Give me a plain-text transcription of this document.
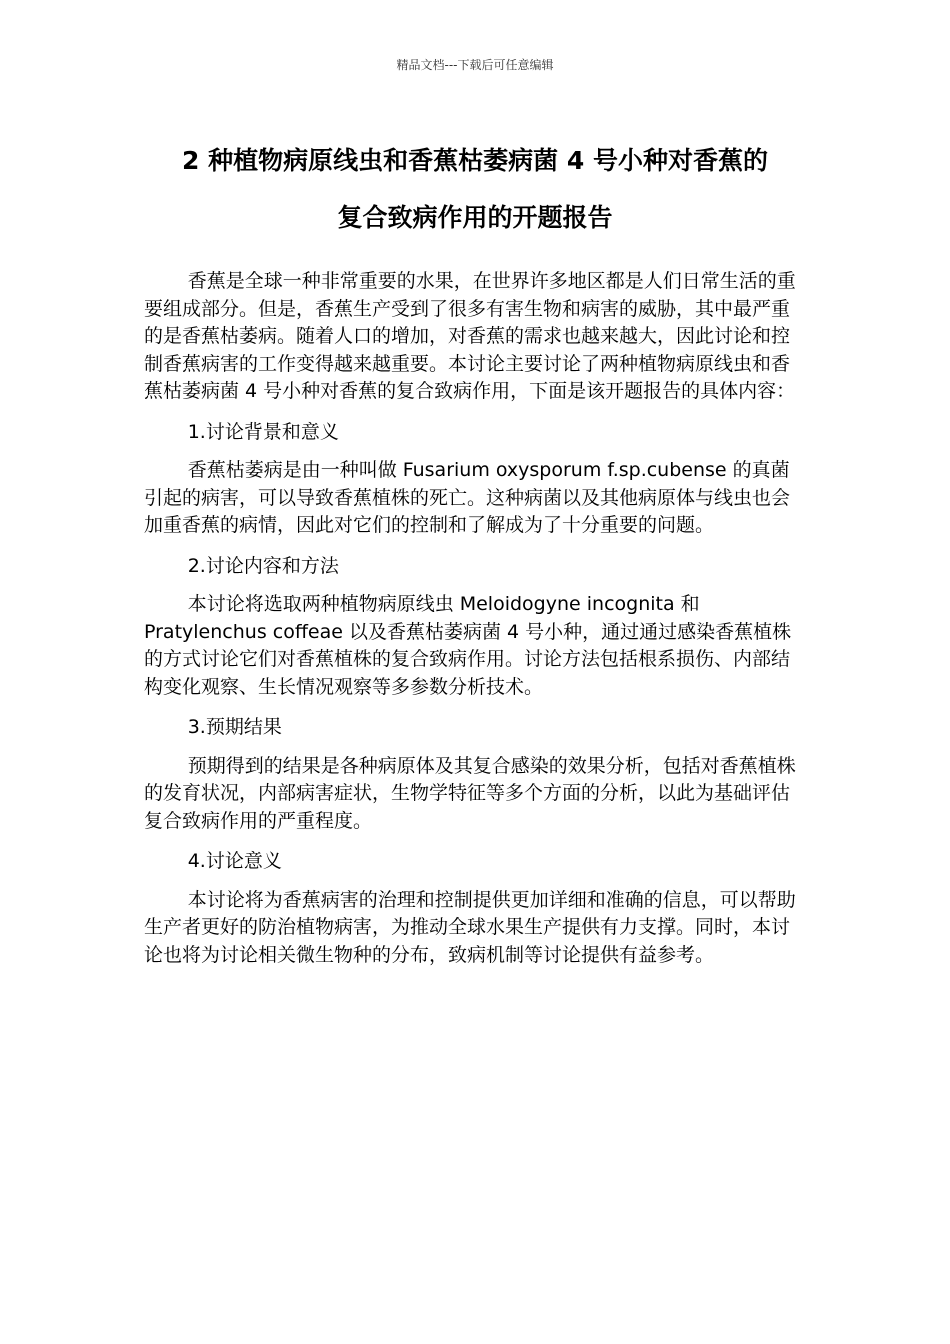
精品文档---下载后可任意编辑
2 种植物病原线虫和香蕉枯萎病菌 4 号小种对香蕉的
复合致病作用的开题报告

香蕉是全球一种非常重要的水果，在世界许多地区都是人们日常生活的重要组成部分。但是，香蕉生产受到了很多有害生物和病害的威胁，其中最严重的是香蕉枯萎病。随着人口的增加，对香蕉的需求也越来越大，因此讨论和控制香蕉病害的工作变得越来越重要。本讨论主要讨论了两种植物病原线虫和香蕉枯萎病菌 4 号小种对香蕉的复合致病作用，下面是该开题报告的具体内容：

1.讨论背景和意义

香蕉枯萎病是由一种叫做 Fusarium oxysporum f.sp.cubense 的真菌引起的病害，可以导致香蕉植株的死亡。这种病菌以及其他病原体与线虫也会加重香蕉的病情，因此对它们的控制和了解成为了十分重要的问题。

2.讨论内容和方法

本讨论将选取两种植物病原线虫 Meloidogyne incognita 和 Pratylenchus coffeae 以及香蕉枯萎病菌 4 号小种，通过通过感染香蕉植株的方式讨论它们对香蕉植株的复合致病作用。讨论方法包括根系损伤、内部结构变化观察、生长情况观察等多参数分析技术。

3.预期结果

预期得到的结果是各种病原体及其复合感染的效果分析，包括对香蕉植株的发育状况，内部病害症状，生物学特征等多个方面的分析，以此为基础评估复合致病作用的严重程度。

4.讨论意义

本讨论将为香蕉病害的治理和控制提供更加详细和准确的信息，可以帮助生产者更好的防治植物病害，为推动全球水果生产提供有力支撑。同时，本讨论也将为讨论相关微生物种的分布，致病机制等讨论提供有益参考。
